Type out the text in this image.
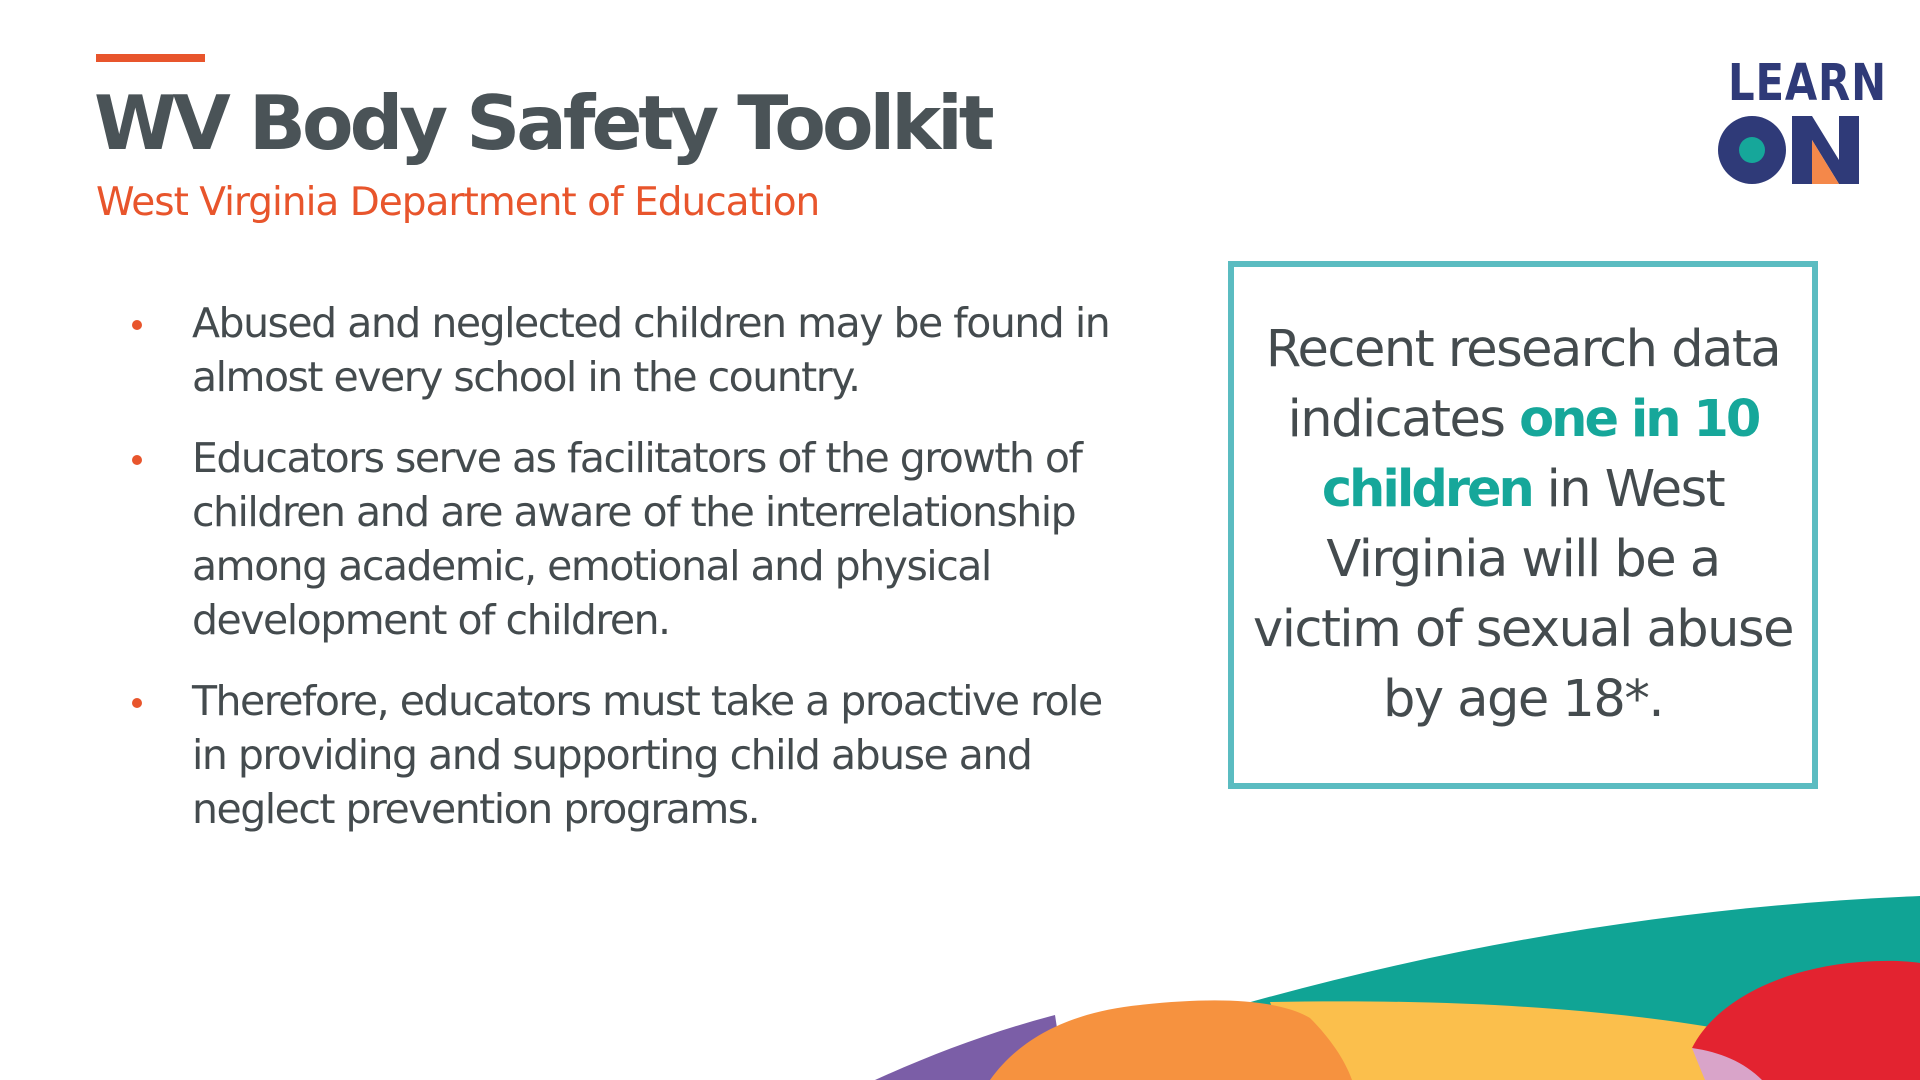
WV Body Safety Toolkit

West Virginia Department of Education

LEARN
Abused and neglected children may be found in almost every school in the country.
Educators serve as facilitators of the growth of children and are aware of the interrelationship among academic, emotional and physical development of children.
Therefore, educators must take a proactive role in providing and supporting child abuse and neglect prevention programs.

Recent research data indicates one in 10 children in West Virginia will be a victim of sexual abuse by age 18*.
